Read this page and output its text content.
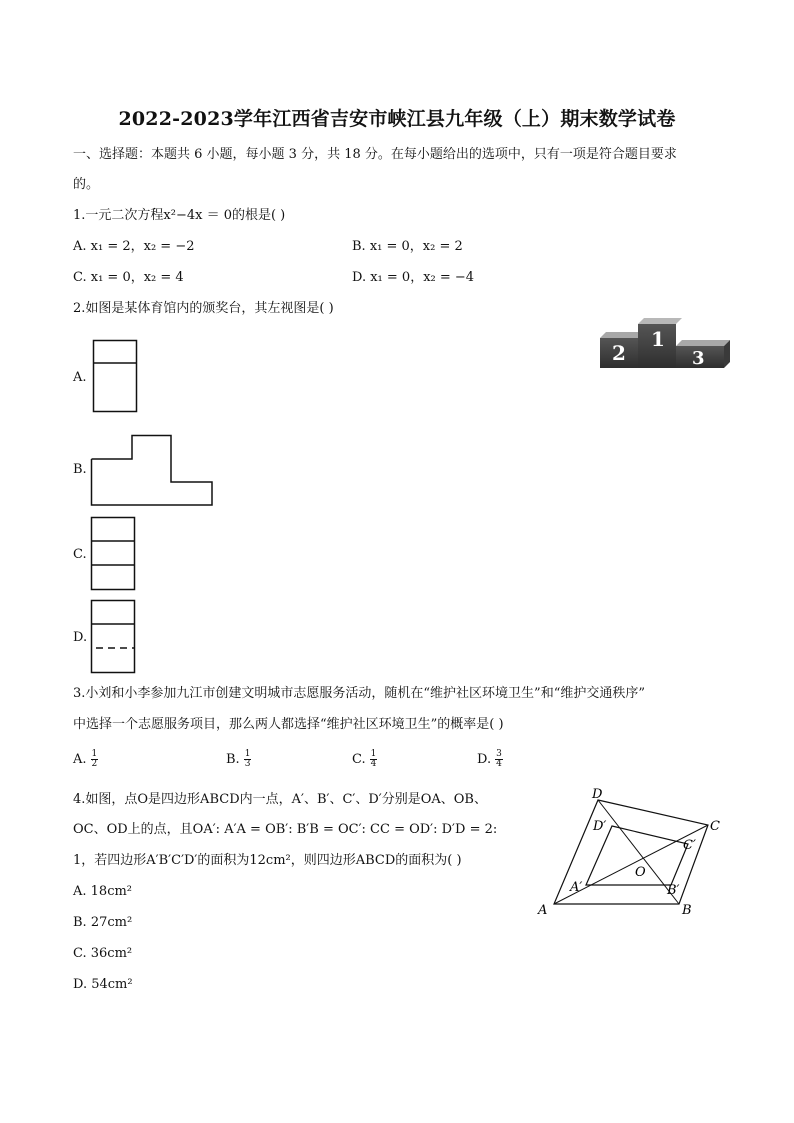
2022-2023学年江西省吉安市峡江县九年级（上）期末数学试卷
一、选择题：本题共 6 小题，每小题 3 分，共 18 分。在每小题给出的选项中，只有一项是符合题目要求
的。
1.一元二次方程x²−4x ＝ 0的根是( )
A. x₁ = 2，x₂ = −2	B. x₁ = 0，x₂ = 2
C. x₁ = 0，x₂ = 4	D. x₁ = 0，x₂ = −4
2.如图是某体育馆内的颁奖台，其左视图是( )
2
1
3
A.
B.
C.
D.
3.小刘和小李参加九江市创建文明城市志愿服务活动，随机在“维护社区环境卫生”和“维护交通秩序”
中选择一个志愿服务项目，那么两人都选择“维护社区环境卫生”的概率是( )
A. $\frac{1}{2}$	B. $\frac{1}{3}$	C. $\frac{1}{4}$	D. $\frac{3}{4}$
4.如图，点O是四边形ABCD内一点，A′、B′、C′、D′分别是OA、OB、
OC、OD上的点，且OA′: A′A = OB′: B′B = OC′: CC = OD′: D′D = 2:
1，若四边形A′B′C′D′的面积为12cm²，则四边形ABCD的面积为( )
A. 18cm²
B. 27cm²
C. 36cm²
D. 54cm²
A	B
C
D
A′	B′
C′
D′
O
